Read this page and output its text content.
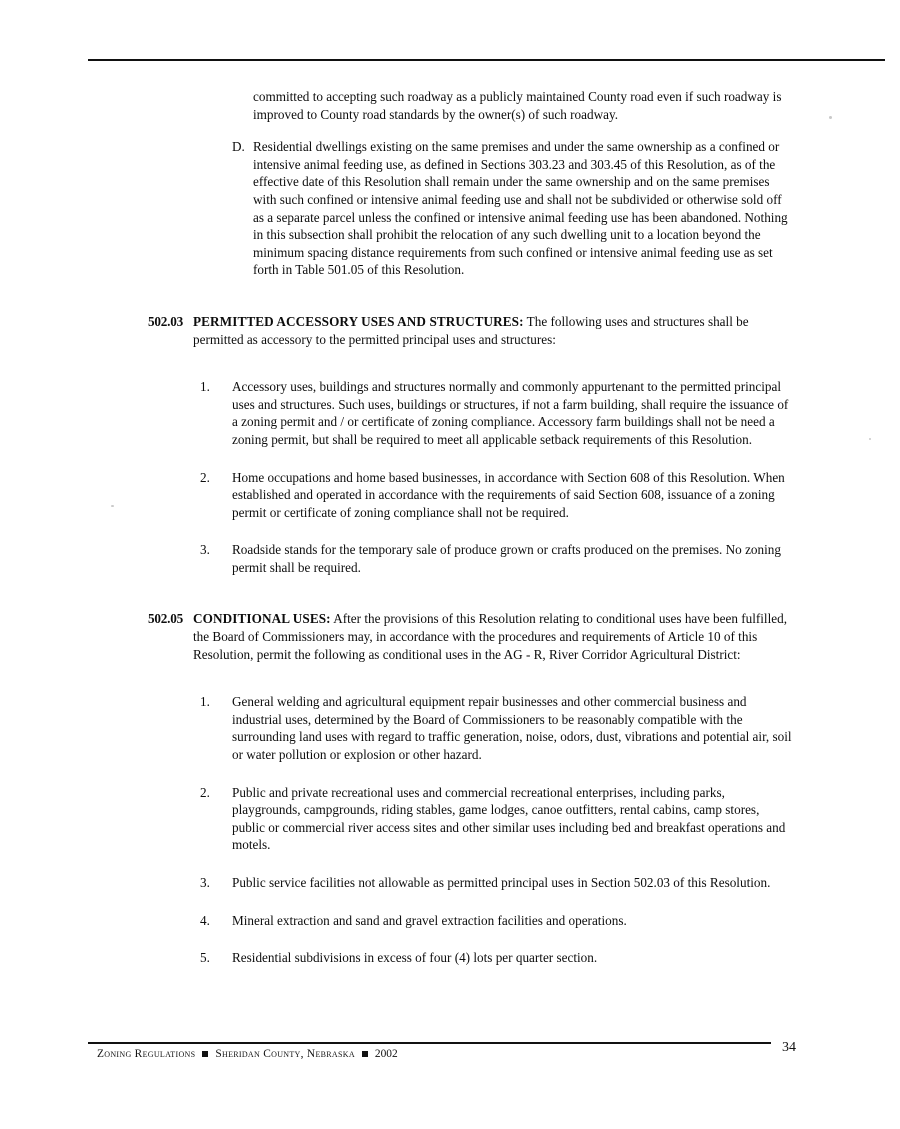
committed to accepting such roadway as a publicly maintained County road even if such roadway is improved to County road standards by the owner(s) of such roadway.

D. Residential dwellings existing on the same premises and under the same ownership as a confined or intensive animal feeding use, as defined in Sections 303.23 and 303.45 of this Resolution, as of the effective date of this Resolution shall remain under the same ownership and on the same premises with such confined or intensive animal feeding use and shall not be subdivided or otherwise sold off as a separate parcel unless the confined or intensive animal feeding use has been abandoned. Nothing in this subsection shall prohibit the relocation of any such dwelling unit to a location beyond the minimum spacing distance requirements from such confined or intensive animal feeding use as set forth in Table 501.05 of this Resolution.
502.03 PERMITTED ACCESSORY USES AND STRUCTURES: The following uses and structures shall be permitted as accessory to the permitted principal uses and structures:
1.	Accessory uses, buildings and structures normally and commonly appurtenant to the permitted principal uses and structures. Such uses, buildings or structures, if not a farm building, shall require the issuance of a zoning permit and / or certificate of zoning compliance. Accessory farm buildings shall not be need a zoning permit, but shall be required to meet all applicable setback requirements of this Resolution.
2.	Home occupations and home based businesses, in accordance with Section 608 of this Resolution. When established and operated in accordance with the requirements of said Section 608, issuance of a zoning permit or certificate of zoning compliance shall not be required.
3.	Roadside stands for the temporary sale of produce grown or crafts produced on the premises. No zoning permit shall be required.
502.05 CONDITIONAL USES: After the provisions of this Resolution relating to conditional uses have been fulfilled, the Board of Commissioners may, in accordance with the procedures and requirements of Article 10 of this Resolution, permit the following as conditional uses in the AG - R, River Corridor Agricultural District:
1.	General welding and agricultural equipment repair businesses and other commercial business and industrial uses, determined by the Board of Commissioners to be reasonably compatible with the surrounding land uses with regard to traffic generation, noise, odors, dust, vibrations and potential air, soil or water pollution or explosion or other hazard.
2.	Public and private recreational uses and commercial recreational enterprises, including parks, playgrounds, campgrounds, riding stables, game lodges, canoe outfitters, rental cabins, camp stores, public or commercial river access sites and other similar uses including bed and breakfast operations and motels.
3.	Public service facilities not allowable as permitted principal uses in Section 502.03 of this Resolution.
4.	Mineral extraction and sand and gravel extraction facilities and operations.
5.	Residential subdivisions in excess of four (4) lots per quarter section.
Zoning Regulations Sheridan County, Nebraska 2002	34
